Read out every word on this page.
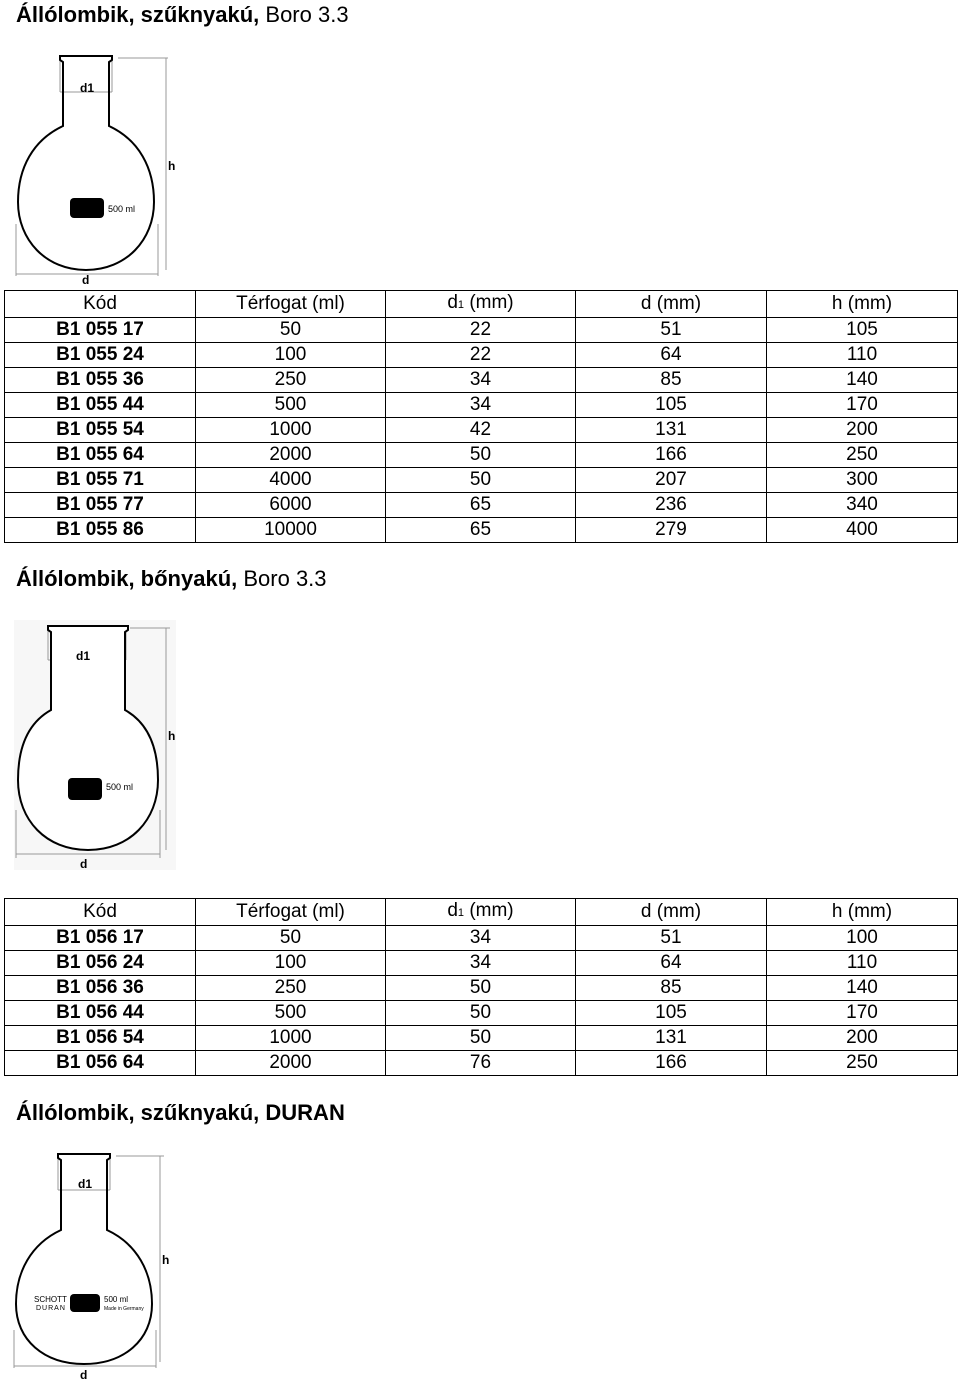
Állólombik, szűknyakú, Boro 3.3
500 ml
d1
h
d
Kód	Térfogat (ml)	d1 (mm)	d (mm)	h (mm)
B1 055 17	50	22	51	105
B1 055 24	100	22	64	110
B1 055 36	250	34	85	140
B1 055 44	500	34	105	170
B1 055 54	1000	42	131	200
B1 055 64	2000	50	166	250
B1 055 71	4000	50	207	300
B1 055 77	6000	65	236	340
B1 055 86	10000	65	279	400
Állólombik, bőnyakú, Boro 3.3
500 ml
d1
h
d
Kód	Térfogat (ml)	d1 (mm)	d (mm)	h (mm)
B1 056 17	50	34	51	100
B1 056 24	100	34	64	110
B1 056 36	250	50	85	140
B1 056 44	500	50	105	170
B1 056 54	1000	50	131	200
B1 056 64	2000	76	166	250
Állólombik, szűknyakú, DURAN
SCHOTT
DURAN
500 ml
Made in Germany
d1
h
d
